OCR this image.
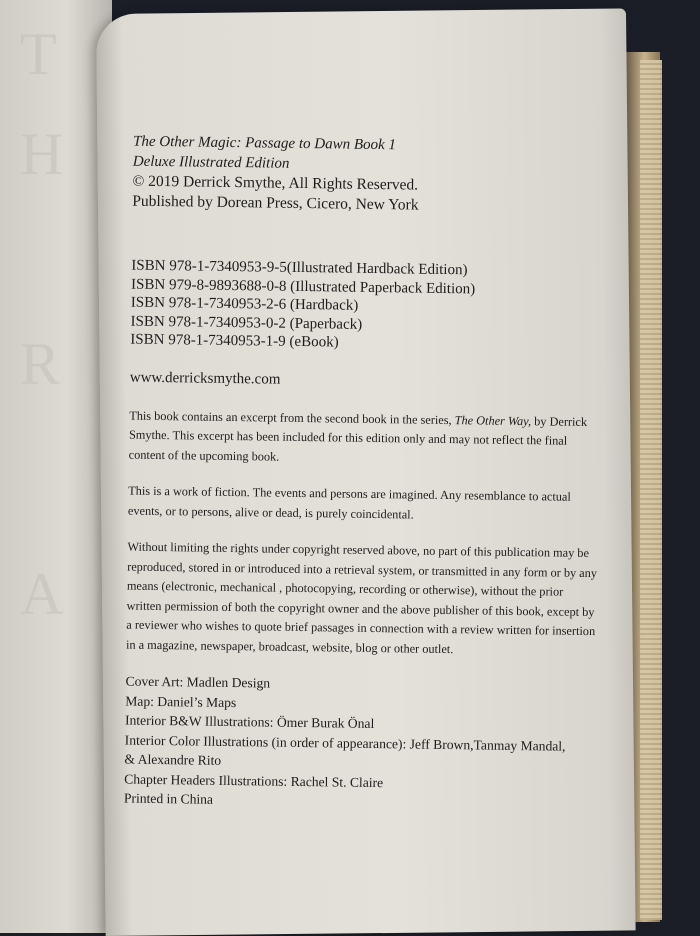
T
H
R
A
The Other Magic: Passage to Dawn Book 1
Deluxe Illustrated Edition
© 2019 Derrick Smythe, All Rights Reserved.
Published by Dorean Press, Cicero, New York
ISBN 978-1-7340953-9-5(Illustrated Hardback Edition)
ISBN 979-8-9893688-0-8 (Illustrated Paperback Edition)
ISBN 978-1-7340953-2-6 (Hardback)
ISBN 978-1-7340953-0-2 (Paperback)
ISBN 978-1-7340953-1-9 (eBook)
www.derricksmythe.com

This book contains an excerpt from the second book in the series, The Other Way, by Derrick Smythe. This excerpt has been included for this edition only and may not reflect the final content of the upcoming book.

This is a work of fiction. The events and persons are imagined. Any resemblance to actual events, or to persons, alive or dead, is purely coincidental.

Without limiting the rights under copyright reserved above, no part of this publication may be reproduced, stored in or introduced into a retrieval system, or transmitted in any form or by any means (electronic, mechanical , photocopying, recording or otherwise), without the prior written permission of both the copyright owner and the above publisher of this book, except by a reviewer who wishes to quote brief passages in connection with a review written for insertion in a magazine, newspaper, broadcast, website, blog or other outlet.

Cover Art: Madlen Design
Map: Daniel’s Maps
Interior B&W Illustrations: Ömer Burak Önal
Interior Color Illustrations (in order of appearance): Jeff Brown,Tanmay Mandal,
& Alexandre Rito
Chapter Headers Illustrations: Rachel St. Claire
Printed in China
